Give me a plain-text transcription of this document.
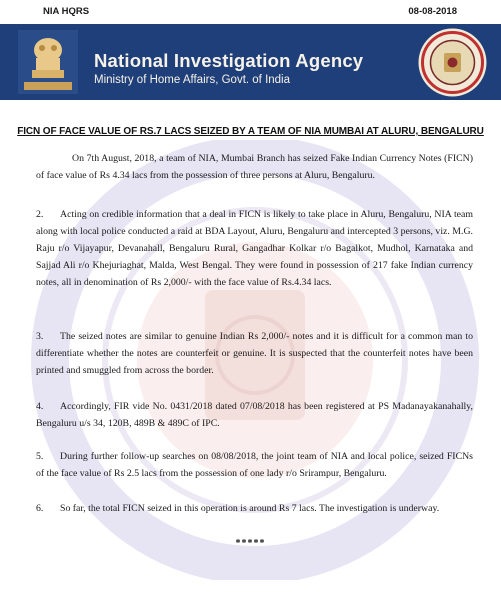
NIA HQRS	08-08-2018
National Investigation Agency
Ministry of Home Affairs, Govt. of India
FICN OF FACE VALUE OF RS.7 LACS SEIZED BY A TEAM OF NIA MUMBAI AT ALURU, BENGALURU
On 7th August, 2018, a team of NIA, Mumbai Branch has seized Fake Indian Currency Notes (FICN) of face value of Rs 4.34 lacs from the possession of three persons at Aluru, Bengaluru.
2. Acting on credible information that a deal in FICN is likely to take place in Aluru, Bengaluru, NIA team along with local police conducted a raid at BDA Layout, Aluru, Bengaluru and intercepted 3 persons, viz. M.G. Raju r/o Vijayapur, Devanahall, Bengaluru Rural, Gangadhar Kolkar r/o Bagalkot, Mudhol, Karnataka and Sajjad Ali r/o Khejuriaghat, Malda, West Bengal. They were found in possession of 217 fake Indian currency notes, all in denomination of Rs 2,000/- with the face value of Rs.4.34 lacs.
3. The seized notes are similar to genuine Indian Rs 2,000/- notes and it is difficult for a common man to differentiate whether the notes are counterfeit or genuine. It is suspected that the counterfeit notes have been printed and smuggled from across the border.
4. Accordingly, FIR vide No. 0431/2018 dated 07/08/2018 has been registered at PS Madanayakanahally, Bengaluru u/s 34, 120B, 489B & 489C of IPC.
5. During further follow-up searches on 08/08/2018, the joint team of NIA and local police, seized FICNs of the face value of Rs 2.5 lacs from the possession of one lady r/o Srirampur, Bengaluru.
6. So far, the total FICN seized in this operation is around Rs 7 lacs. The investigation is underway.
*****
